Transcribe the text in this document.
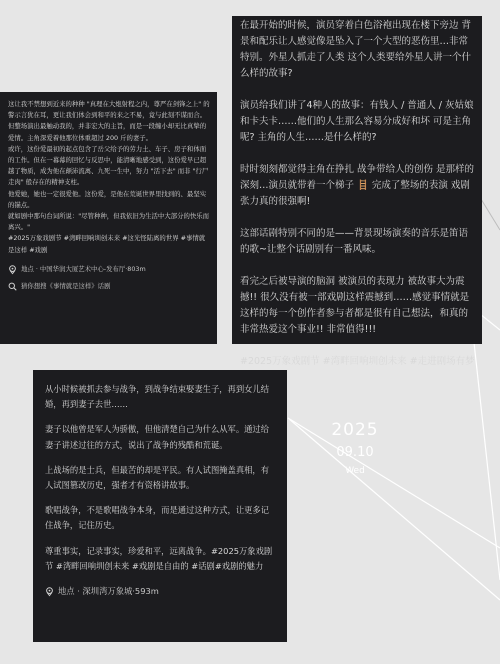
在最开始的时候，演员穿着白色浴袍出现在楼下旁边 背景和配乐让人感觉像是坠入了一个大型的恶伤里…非常特别。外星人抓走了人类 这个人类要给外星人讲一个什么样的故事?

演员给我们讲了4种人的故事：有钱人 / 普通人 / 灰姑娘和卡夫卡……他们的人生那么容易分成好和坏 可是主角呢? 主角的人生……是什么样的?

时时刻刻都觉得主角在挣扎 战争带给人的创伤 是那样的深刻…演员就带着一个梯子 🪜 完成了整场的表演 戏剧张力真的很强啊!

这部话剧特别不同的是——背景现场演奏的音乐是笛语的歌~让整个话剧别有一番风味。

看完之后被导演的脑洞 被演员的表现力 被故事大为震撼!! 很久没有被一部戏剧这样震撼到……感觉事情就是这样的每一个创作者参与者都是很有自己想法，和真的非常热爱这个事业!! 非常值得!!!

#2025万象戏剧节 #湾畔回响圳创未来 #走进剧场有梦

这让我不禁想到近来的种种 "真理在大炮射程之内，尊严在剑锋之上" 的警示言犹在耳，更让我们体会到和平的来之不易，竟与此刻不谋而合。
但整场演出最触动我的，并非宏大的主旨，而是一段缠小却无比真挚的爱情。主角深爱着他那位体重超过 200 斤的妻子。
或许，这份爱最初的起点包含了岳父给予的劳力土、车子、房子和体面的工作。但在一幕幕的回忆与反思中，能清晰地感受到，这份爱早已超越了物质，成为他在颠沛流离、九死一生中，努力 "活下去" 而非 "行尸走肉" 般存在的精神支柱。
他爱她，她也一定很爱他。这份爱，是他在荒诞世界里找到的、最坚实的锚点。
就如剧中那句台词所说："尽管种种，但我依旧为生活中大部分的快乐而离兴。"
#2025万象戏剧节 #湾畔回响圳创未来 #这光怪陆离的世界 #事情就是这样 #戏剧

地点 · 中国华润大厦艺术中心-发布厅·803m
猜你想搜《事情就是这样》话剧

从小时候被抓去参与战争，到战争结束娶妻生子，再到女儿结婚，再到妻子去世……

妻子以他曾是军人为骄傲，但他清楚自己为什么从军。通过给妻子讲述过往的方式，说出了战争的残酷和荒诞。

上战场的是士兵，但最苦的却是平民。有人试图掩盖真相，有人试图篡改历史，强者才有资格讲故事。

歌唱战争，不是歌唱战争本身，而是通过这种方式，让更多记住战争，记住历史。

尊重事实，记录事实，珍爱和平，远离战争。#2025万象戏剧节 #湾畔回响圳创未来 #戏剧是自由的 #话剧#戏剧的魅力

地点 · 深圳湾万象城·593m
2025
09.10
Wed
